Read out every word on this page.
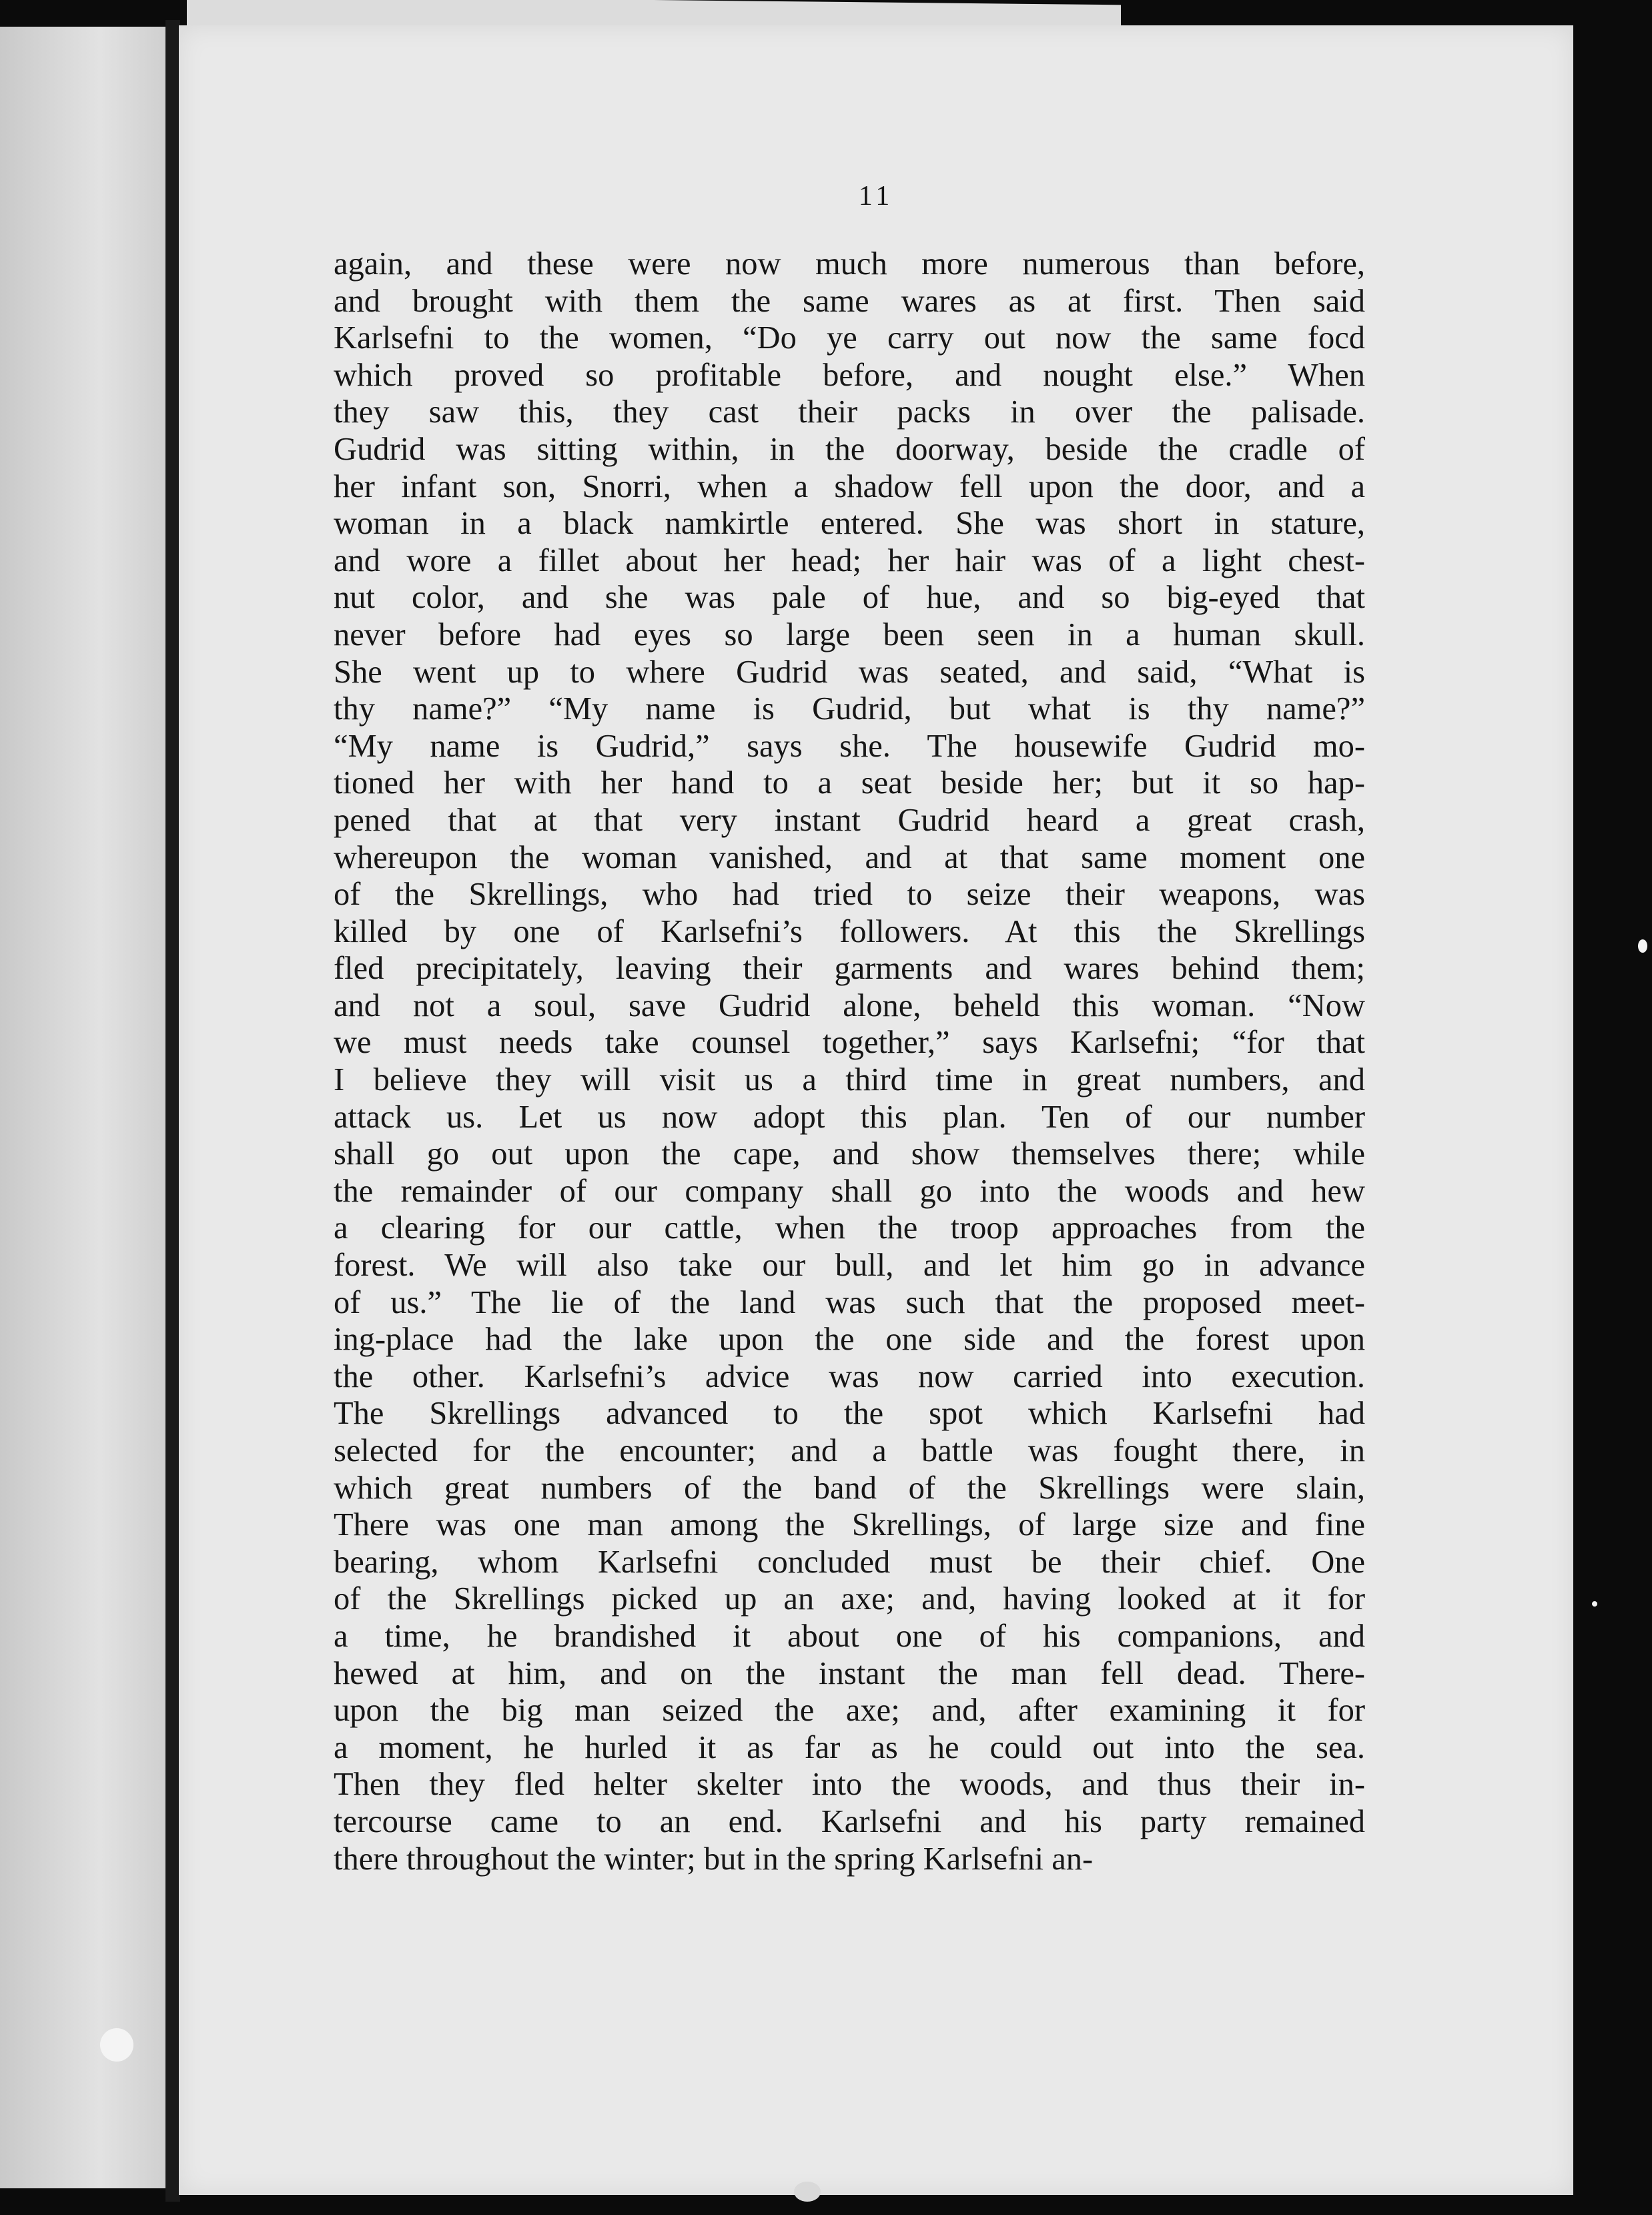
11
again, and these were now much more numerous than before,
and brought with them the same wares as at first. Then said
Karlsefni to the women, “Do ye carry out now the same focd
which proved so profitable before, and nought else.” When
they saw this, they cast their packs in over the palisade.
Gudrid was sitting within, in the doorway, beside the cradle of
her infant son, Snorri, when a shadow fell upon the door, and a
woman in a black namkirtle entered. She was short in stature,
and wore a fillet about her head; her hair was of a light chest-
nut color, and she was pale of hue, and so big-eyed that
never before had eyes so large been seen in a human skull.
She went up to where Gudrid was seated, and said, “What is
thy name?” “My name is Gudrid, but what is thy name?”
“My name is Gudrid,” says she. The housewife Gudrid mo-
tioned her with her hand to a seat beside her; but it so hap-
pened that at that very instant Gudrid heard a great crash,
whereupon the woman vanished, and at that same moment one
of the Skrellings, who had tried to seize their weapons, was
killed by one of Karlsefni’s followers. At this the Skrellings
fled precipitately, leaving their garments and wares behind them;
and not a soul, save Gudrid alone, beheld this woman. “Now
we must needs take counsel together,” says Karlsefni; “for that
I believe they will visit us a third time in great numbers, and
attack us. Let us now adopt this plan. Ten of our number
shall go out upon the cape, and show themselves there; while
the remainder of our company shall go into the woods and hew
a clearing for our cattle, when the troop approaches from the
forest. We will also take our bull, and let him go in advance
of us.” The lie of the land was such that the proposed meet-
ing-place had the lake upon the one side and the forest upon
the other. Karlsefni’s advice was now carried into execution.
The Skrellings advanced to the spot which Karlsefni had
selected for the encounter; and a battle was fought there, in
which great numbers of the band of the Skrellings were slain,
There was one man among the Skrellings, of large size and fine
bearing, whom Karlsefni concluded must be their chief. One
of the Skrellings picked up an axe; and, having looked at it for
a time, he brandished it about one of his companions, and
hewed at him, and on the instant the man fell dead. There-
upon the big man seized the axe; and, after examining it for
a moment, he hurled it as far as he could out into the sea.
Then they fled helter skelter into the woods, and thus their in-
tercourse came to an end. Karlsefni and his party remained
there throughout the winter; but in the spring Karlsefni an-
